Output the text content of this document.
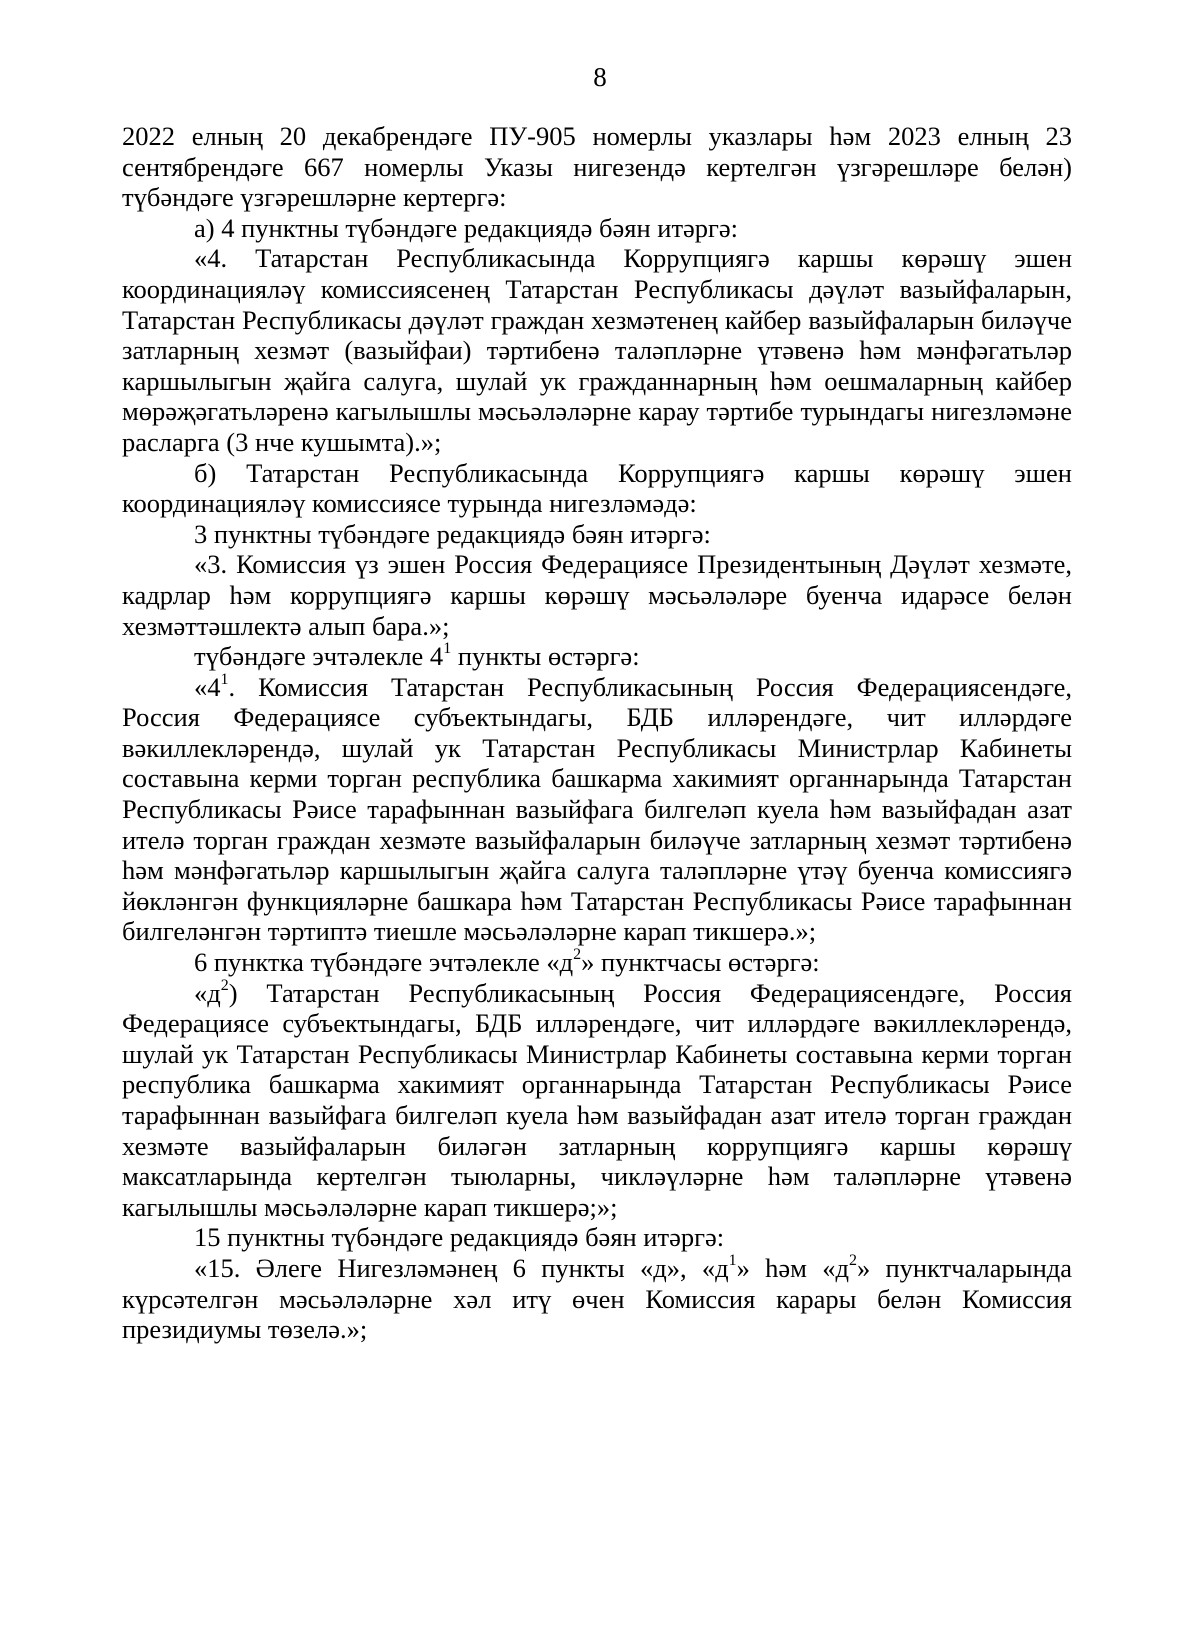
8

2022 елның 20 декабрендәге ПУ-905 номерлы указлары һәм 2023 елның 23 сентябрендәге 667 номерлы Указы нигезендә кертелгән үзгәрешләре белән) түбәндәге үзгәрешләрне кертергә:

а) 4 пунктны түбәндәге редакциядә бәян итәргә:

«4. Татарстан Республикасында Коррупциягә каршы көрәшү эшен координацияләү комиссиясенең Татарстан Республикасы дәүләт вазыйфаларын, Татарстан Республикасы дәүләт граждан хезмәтенең кайбер вазыйфаларын биләүче затларның хезмәт (вазыйфаи) тәртибенә таләпләрне үтәвенә һәм мәнфәгатьләр каршылыгын җайга салуга, шулай ук гражданнарның һәм оешмаларның кайбер мөрәҗәгатьләренә кагылышлы мәсьәләләрне карау тәртибе турындагы нигезләмәне расларга (3 нче кушымта).»;

б) Татарстан Республикасында Коррупциягә каршы көрәшү эшен координацияләү комиссиясе турында нигезләмәдә:

3 пунктны түбәндәге редакциядә бәян итәргә:

«3. Комиссия үз эшен Россия Федерациясе Президентының Дәүләт хезмәте, кадрлар һәм коррупциягә каршы көрәшү мәсьәләләре буенча идарәсе белән хезмәттәшлектә алып бара.»;

түбәндәге эчтәлекле $4^1$ пункты өстәргә:

«$4^1$. Комиссия Татарстан Республикасының Россия Федерациясендәге, Россия Федерациясе субъектындагы, БДБ илләрендәге, чит илләрдәге вәкиллекләрендә, шулай ук Татарстан Республикасы Министрлар Кабинеты составына керми торган республика башкарма хакимият органнарында Татарстан Республикасы Рәисе тарафыннан вазыйфага билгеләп куела һәм вазыйфадан азат ителә торган граждан хезмәте вазыйфаларын биләүче затларның хезмәт тәртибенә һәм мәнфәгатьләр каршылыгын җайга салуга таләпләрне үтәү буенча комиссиягә йөкләнгән функцияләрне башкара һәм Татарстан Республикасы Рәисе тарафыннан билгеләнгән тәртиптә тиешле мәсьәләләрне карап тикшерә.»;

6 пунктка түбәндәге эчтәлекле «$д^2$» пунктчасы өстәргә:

«$д^2$) Татарстан Республикасының Россия Федерациясендәге, Россия Федерациясе субъектындагы, БДБ илләрендәге, чит илләрдәге вәкиллекләрендә, шулай ук Татарстан Республикасы Министрлар Кабинеты составына керми торган республика башкарма хакимият органнарында Татарстан Республикасы Рәисе тарафыннан вазыйфага билгеләп куела һәм вазыйфадан азат ителә торган граждан хезмәте вазыйфаларын биләгән затларның коррупциягә каршы көрәшү максатларында кертелгән тыюларны, чикләүләрне һәм таләпләрне үтәвенә кагылышлы мәсьәләләрне карап тикшерә;»;

15 пунктны түбәндәге редакциядә бәян итәргә:

«15. Әлеге Нигезләмәнең 6 пункты «д», «$д^1$» һәм «$д^2$» пунктчаларында күрсәтелгән мәсьәләләрне хәл итү өчен Комиссия карары белән Комиссия президиумы төзелә.»;
